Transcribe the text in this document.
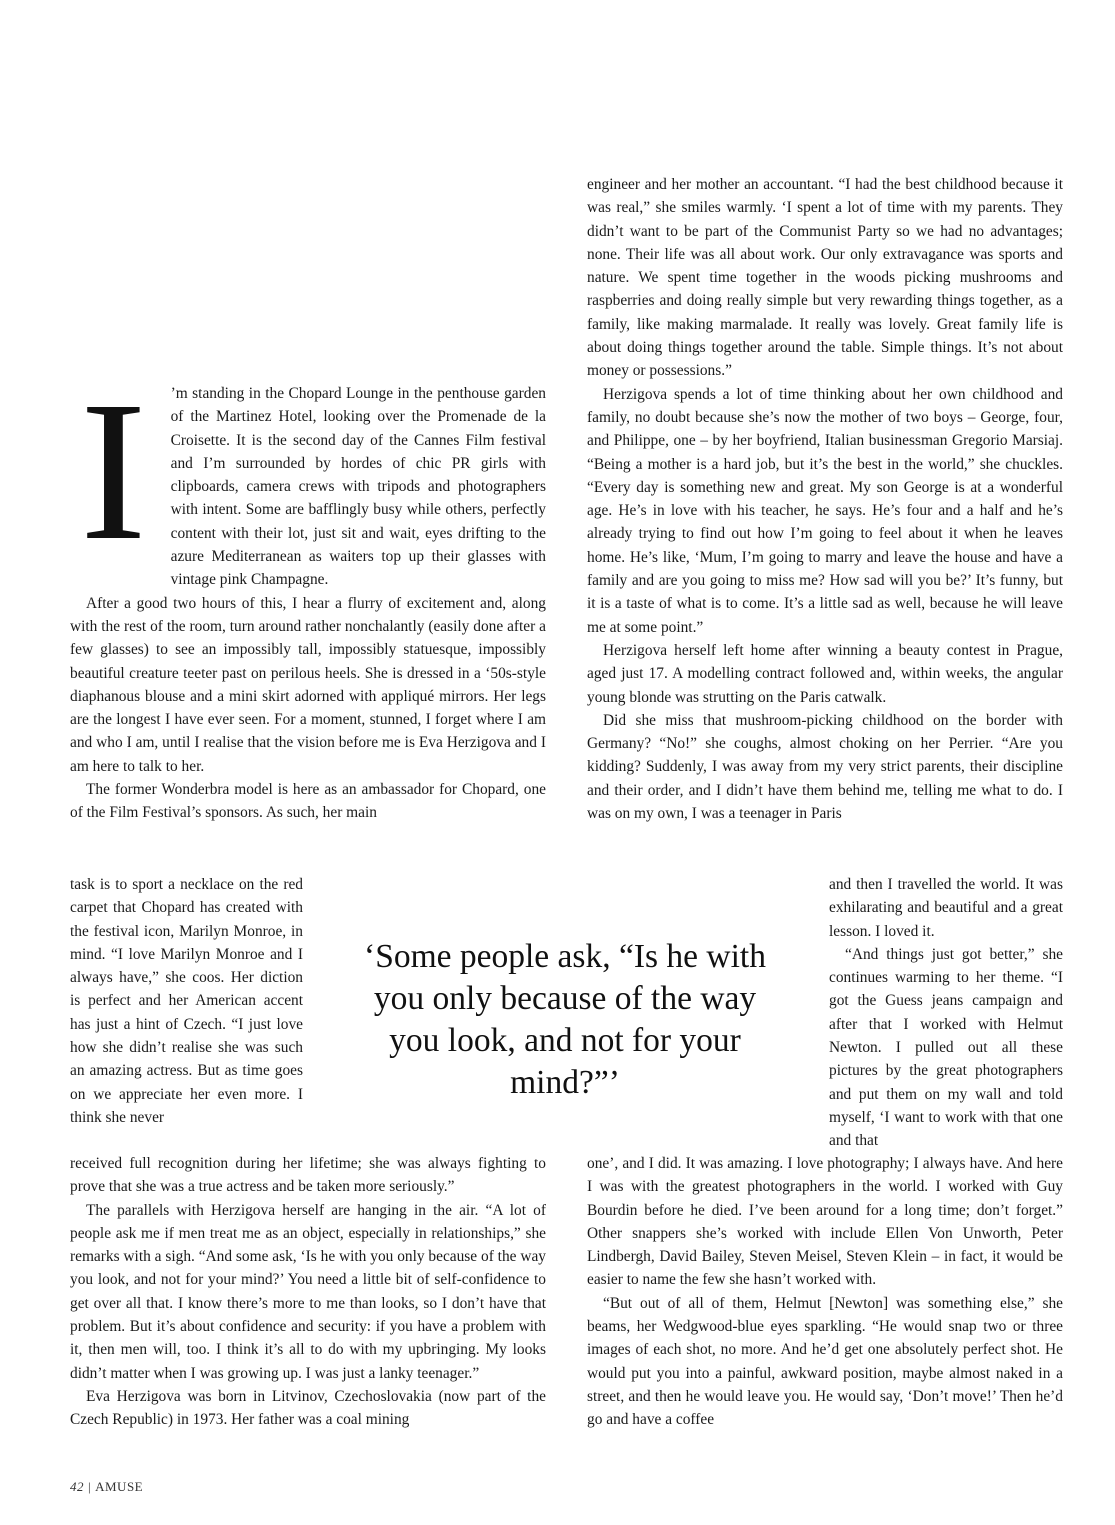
I	’m standing in the Chopard Lounge in the penthouse garden of the Martinez Hotel, looking over the Promenade de la Croisette. It is the second day of the Cannes Film festival and I’m surrounded by hordes of chic PR girls with clipboards, camera crews with tripods and photographers with intent. Some are bafflingly busy while others, perfectly content with their lot, just sit and wait, eyes drifting to the azure Mediterranean as waiters top up their glasses with vintage pink Champagne.

After a good two hours of this, I hear a flurry of excitement and, along with the rest of the room, turn around rather nonchalantly (easily done after a few glasses) to see an impossibly tall, impossibly statuesque, impossibly beautiful creature teeter past on perilous heels. She is dressed in a ‘50s-style diaphanous blouse and a mini skirt adorned with appliqué mirrors. Her legs are the longest I have ever seen. For a moment, stunned, I forget where I am and who I am, until I realise that the vision before me is Eva Herzigova and I am here to talk to her.

The former Wonderbra model is here as an ambassador for Chopard, one of the Film Festival’s sponsors. As such, her main

task is to sport a necklace on the red carpet that Chopard has created with the festival icon, Marilyn Monroe, in mind. “I love Marilyn Monroe and I always have,” she coos. Her diction is perfect and her American accent has just a hint of Czech. “I just love how she didn’t realise she was such an amazing actress. But as time goes on we appreciate her even more. I think she never

‘Some people ask, “Is he with you only because of the way you look, and not for your mind?”’

received full recognition during her lifetime; she was always fighting to prove that she was a true actress and be taken more seriously.”

The parallels with Herzigova herself are hanging in the air. “A lot of people ask me if men treat me as an object, especially in relationships,” she remarks with a sigh. “And some ask, ‘Is he with you only because of the way you look, and not for your mind?’ You need a little bit of self-confidence to get over all that. I know there’s more to me than looks, so I don’t have that problem. But it’s about confidence and security: if you have a problem with it, then men will, too. I think it’s all to do with my upbringing. My looks didn’t matter when I was growing up. I was just a lanky teenager.”

Eva Herzigova was born in Litvinov, Czechoslovakia (now part of the Czech Republic) in 1973. Her father was a coal mining

engineer and her mother an accountant. “I had the best childhood because it was real,” she smiles warmly. ‘I spent a lot of time with my parents. They didn’t want to be part of the Communist Party so we had no advantages; none. Their life was all about work. Our only extravagance was sports and nature. We spent time together in the woods picking mushrooms and raspberries and doing really simple but very rewarding things together, as a family, like making marmalade. It really was lovely. Great family life is about doing things together around the table. Simple things. It’s not about money or possessions.”

Herzigova spends a lot of time thinking about her own childhood and family, no doubt because she’s now the mother of two boys – George, four, and Philippe, one – by her boyfriend, Italian businessman Gregorio Marsiaj. “Being a mother is a hard job, but it’s the best in the world,” she chuckles. “Every day is something new and great. My son George is at a wonderful age. He’s in love with his teacher, he says. He’s four and a half and he’s already trying to find out how I’m going to feel about it when he leaves home. He’s like, ‘Mum, I’m going to marry and leave the house and have a family and are you going to miss me? How sad will you be?’ It’s funny, but it is a taste of what is to come. It’s a little sad as well, because he will leave me at some point.”

Herzigova herself left home after winning a beauty contest in Prague, aged just 17. A modelling contract followed and, within weeks, the angular young blonde was strutting on the Paris catwalk.

Did she miss that mushroom-picking childhood on the border with Germany? “No!” she coughs, almost choking on her Perrier. “Are you kidding? Suddenly, I was away from my very strict parents, their discipline and their order, and I didn’t have them behind me, telling me what to do. I was on my own, I was a teenager in Paris

and then I travelled the world. It was exhilarating and beautiful and a great lesson. I loved it.

“And things just got better,” she continues warming to her theme. “I got the Guess jeans campaign and after that I worked with Helmut Newton. I pulled out all these pictures by the great photographers and put them on my wall and told myself, ‘I want to work with that one and that

one’, and I did. It was amazing. I love photography; I always have. And here I was with the greatest photographers in the world. I worked with Guy Bourdin before he died. I’ve been around for a long time; don’t forget.” Other snappers she’s worked with include Ellen Von Unworth, Peter Lindbergh, David Bailey, Steven Meisel, Steven Klein – in fact, it would be easier to name the few she hasn’t worked with.

“But out of all of them, Helmut [Newton] was something else,” she beams, her Wedgwood-blue eyes sparkling. “He would snap two or three images of each shot, no more. And he’d get one absolutely perfect shot. He would put you into a painful, awkward position, maybe almost naked in a street, and then he would leave you. He would say, ‘Don’t move!’ Then he’d go and have a coffee

42 | AMUSE
